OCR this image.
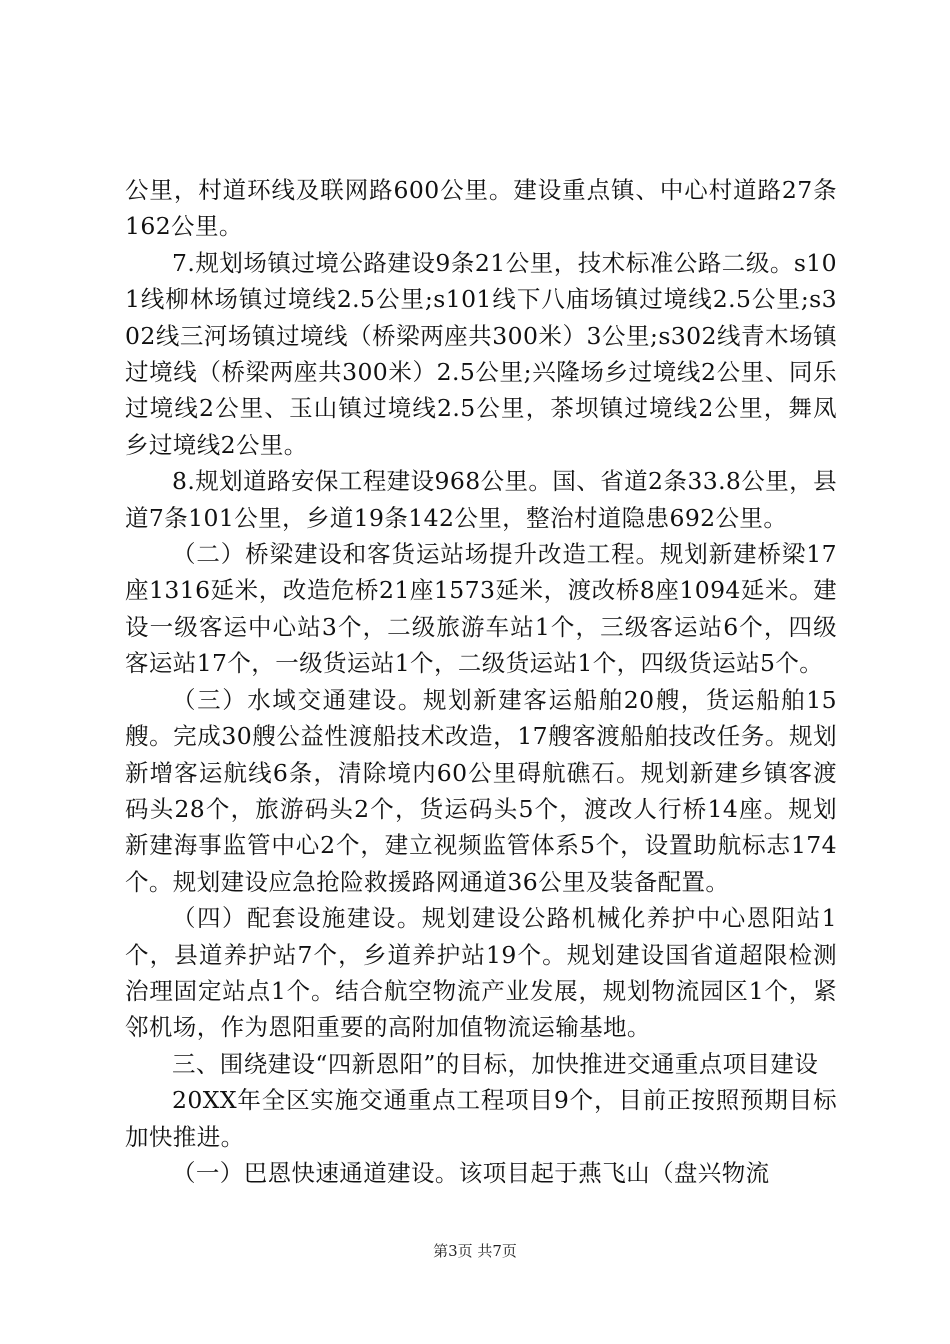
公里，村道环线及联网路600公里。建设重点镇、中心村道路27条162公里。

7.规划场镇过境公路建设9条21公里，技术标准公路二级。s101线柳林场镇过境线2.5公里;s101线下八庙场镇过境线2.5公里;s302线三河场镇过境线（桥梁两座共300米）3公里;s302线青木场镇过境线（桥梁两座共300米）2.5公里;兴隆场乡过境线2公里、同乐过境线2公里、玉山镇过境线2.5公里，茶坝镇过境线2公里，舞凤乡过境线2公里。

8.规划道路安保工程建设968公里。国、省道2条33.8公里，县道7条101公里，乡道19条142公里，整治村道隐患692公里。

（二）桥梁建设和客货运站场提升改造工程。规划新建桥梁17座1316延米，改造危桥21座1573延米，渡改桥8座1094延米。建设一级客运中心站3个，二级旅游车站1个，三级客运站6个，四级客运站17个，一级货运站1个，二级货运站1个，四级货运站5个。

（三）水域交通建设。规划新建客运船舶20艘，货运船舶15艘。完成30艘公益性渡船技术改造，17艘客渡船舶技改任务。规划新增客运航线6条，清除境内60公里碍航礁石。规划新建乡镇客渡码头28个，旅游码头2个，货运码头5个，渡改人行桥14座。规划新建海事监管中心2个，建立视频监管体系5个，设置助航标志174个。规划建设应急抢险救援路网通道36公里及装备配置。

（四）配套设施建设。规划建设公路机械化养护中心恩阳站1个，县道养护站7个，乡道养护站19个。规划建设国省道超限检测治理固定站点1个。结合航空物流产业发展，规划物流园区1个，紧邻机场，作为恩阳重要的高附加值物流运输基地。

三、围绕建设“四新恩阳”的目标，加快推进交通重点项目建设

20XX年全区实施交通重点工程项目9个，目前正按照预期目标加快推进。

（一）巴恩快速通道建设。该项目起于燕飞山（盘兴物流

第3页 共7页
